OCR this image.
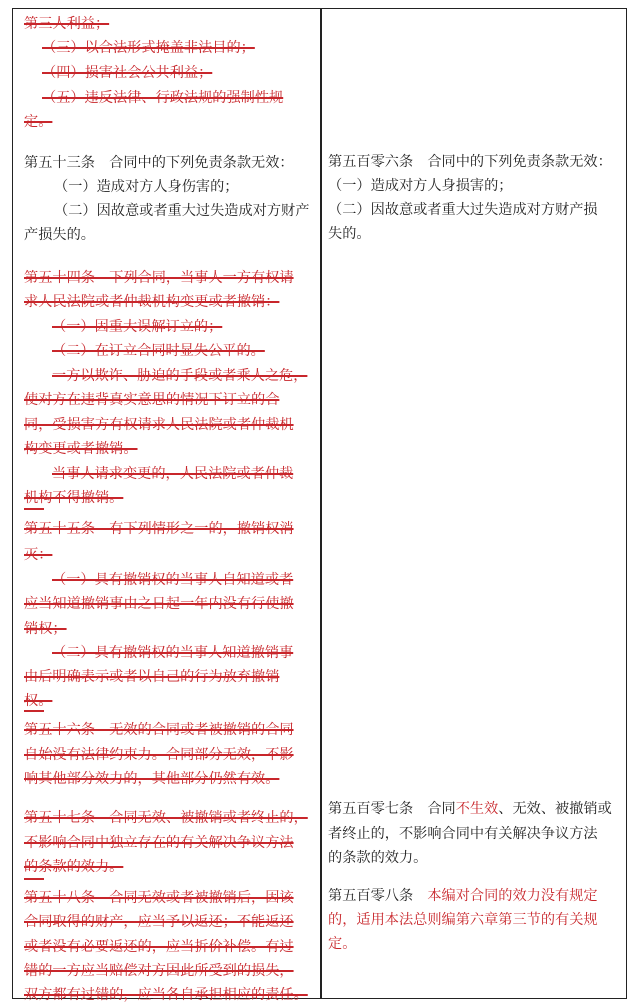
第三人利益；
（三）以合法形式掩盖非法目的；
（四）损害社会公共利益；
（五）违反法律、行政法规的强制性规
定。
第五十三条　合同中的下列免责条款无效：
（一）造成对方人身伤害的；
（二）因故意或者重大过失造成对方财产
产损失的。
第五十四条　下列合同，当事人一方有权请
求人民法院或者仲裁机构变更或者撤销：
（一）因重大误解订立的；
（二）在订立合同时显失公平的。
一方以欺诈、胁迫的手段或者乘人之危，
使对方在违背真实意思的情况下订立的合
同，受损害方有权请求人民法院或者仲裁机
构变更或者撤销。
当事人请求变更的，人民法院或者仲裁
机构不得撤销。
第五十五条　有下列情形之一的，撤销权消
灭：
（一）具有撤销权的当事人自知道或者
应当知道撤销事由之日起一年内没有行使撤
销权；
（二）具有撤销权的当事人知道撤销事
由后明确表示或者以自己的行为放弃撤销
权。
第五十六条　无效的合同或者被撤销的合同
自始没有法律约束力。合同部分无效，不影
响其他部分效力的，其他部分仍然有效。
第五十七条　合同无效、被撤销或者终止的，
不影响合同中独立存在的有关解决争议方法
的条款的效力。
第五十八条　合同无效或者被撤销后，因该
合同取得的财产，应当予以返还；不能返还
或者没有必要返还的，应当折价补偿。有过
错的一方应当赔偿对方因此所受到的损失，
双方都有过错的，应当各自承担相应的责任。
第五百零六条　合同中的下列免责条款无效：
（一）造成对方人身损害的；
（二）因故意或者重大过失造成对方财产损
失的。
第五百零七条　合同不生效、无效、被撤销或
者终止的，不影响合同中有关解决争议方法
的条款的效力。
第五百零八条　本编对合同的效力没有规定
的，适用本法总则编第六章第三节的有关规
定。
